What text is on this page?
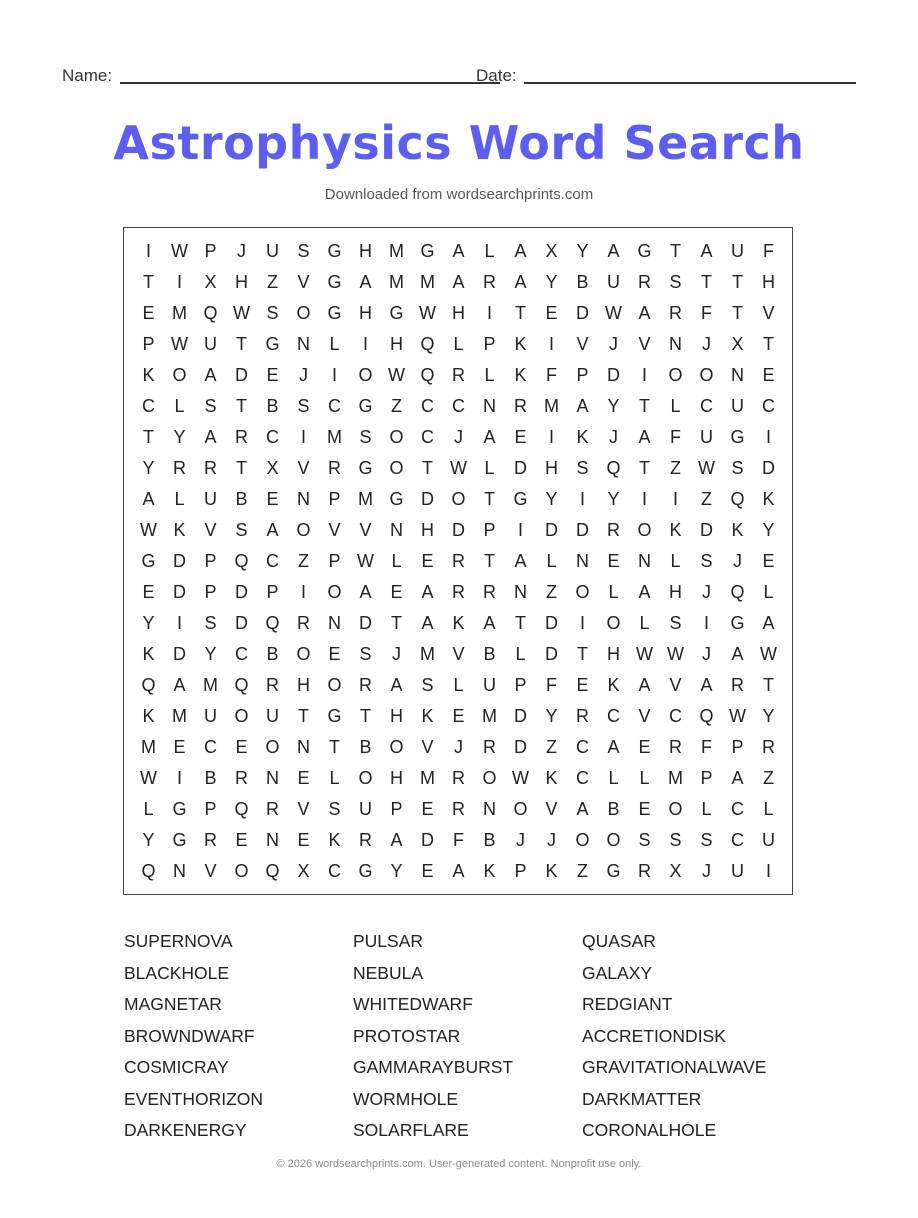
Name:	Date:
Astrophysics Word Search
Downloaded from wordsearchprints.com
I	W P	J	U	S G H M G A	L	A	X	Y	A G	T	A	U	F
T	I	X	H	Z	V G A M M A	R	A	Y	B	U	R	S	T	T	H
E M Q W S O G H G W H	I	T	E	D W A	R	F	T	V
P W U	T	G N	L	I	H Q	L	P	K	I	V	J	V	N	J	X	T
K O A	D	E	J	I	O W Q R	L	K	F	P	D	I	O O N	E
C	L	S	T	B	S	C G	Z	C	C	N	R M A	Y	T	L	C	U	C
T	Y	A	R	C	I	M S O C	J	A	E	I	K	J	A	F	U G	I
Y	R	R	T	X	V	R G O	T W L	D	H	S Q	T	Z W S	D
A	L	U	B	E	N	P M G D O	T	G Y	I	Y	I	I	Z	Q K
W K	V	S	A O V	V	N	H	D	P	I	D	D	R O K	D	K	Y
G D	P Q C	Z	P W L	E	R	T	A	L	N	E	N	L	S	J	E
E	D	P	D	P	I	O A	E	A	R	R	N	Z	O	L	A	H	J	Q	L
Y	I	S	D Q R	N	D	T	A	K	A	T	D	I	O	L	S	I	G A
K	D	Y	C	B O E	S	J	M V	B	L	D	T	H W W	J	A W
Q A M Q R	H O R	A	S	L	U	P	F	E	K	A	V	A	R	T
K M U O U	T	G	T	H	K	E M D	Y	R	C	V	C Q W Y
M E	C	E O N	T	B O V	J	R	D	Z	C	A	E	R	F	P	R
W	I	B	R	N	E	L	O H M R O W K	C	L	L	M P	A	Z
L	G P Q R	V	S	U	P	E	R	N O V	A	B	E O	L	C	L
Y G R	E	N	E	K	R	A	D	F	B	J	J	O O S	S	S	C	U
Q N	V O Q X	C G Y	E	A	K	P	K	Z	G R	X	J	U	I
SUPERNOVA	PULSAR	QUASAR
BLACKHOLE	NEBULA	GALAXY
MAGNETAR	WHITEDWARF	REDGIANT
BROWNDWARF	PROTOSTAR	ACCRETIONDISK
COSMICRAY	GAMMARAYBURST	GRAVITATIONALWAVE
EVENTHORIZON	WORMHOLE	DARKMATTER
DARKENERGY	SOLARFLARE	CORONALHOLE
© 2026 wordsearchprints.com. User-generated content. Nonprofit use only.
